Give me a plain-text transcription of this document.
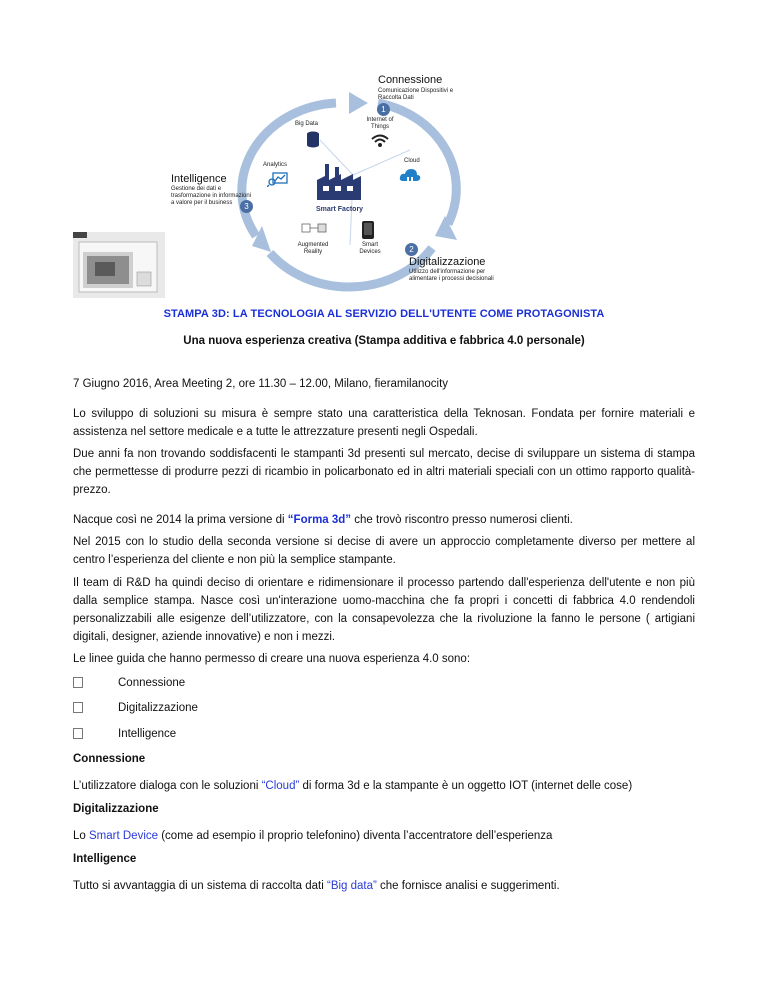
Connessione
Comunicazione Dispositivi e Raccolta Dati
1
2
Digitalizzazione
Utilizzo dell'informazione per alimentare i processi decisionali
Intelligence
Gestione dei dati e trasformazione in informazioni a valore per il business	3
Big Data
Internet of Things
Cloud
Analytics
Smart Factory
Augmented Reality
Smart Devices
STAMPA 3D: LA TECNOLOGIA AL SERVIZIO DELL'UTENTE COME PROTAGONISTA
Una nuova esperienza creativa (Stampa additiva e fabbrica 4.0 personale)
7 Giugno 2016, Area Meeting 2, ore 11.30 – 12.00, Milano, fieramilanocity
Lo sviluppo di soluzioni su misura è sempre stato una caratteristica della Teknosan. Fondata per fornire materiali e assistenza nel settore medicale e a tutte le attrezzature presenti negli Ospedali.
Due anni fa non trovando soddisfacenti le stampanti 3d presenti sul mercato, decise di sviluppare un sistema di stampa che permettesse di produrre pezzi di ricambio in policarbonato ed in altri materiali speciali con un ottimo rapporto qualità-prezzo.
Nacque così ne 2014 la prima versione di “Forma 3d” che trovò riscontro presso numerosi clienti.
Nel 2015 con lo studio della seconda versione si decise di avere un approccio completamente diverso per mettere al centro l’esperienza del cliente e non più la semplice stampante.
Il team di R&D ha quindi deciso di orientare e ridimensionare il processo partendo dall'esperienza dell'utente e non più dalla semplice stampa. Nasce così un'interazione uomo-macchina che fa propri i concetti di fabbrica 4.0 rendendoli personalizzabili alle esigenze dell’utilizzatore, con la consapevolezza che la rivoluzione la fanno le persone ( artigiani digitali, designer, aziende innovative) e non i mezzi.
Le linee guida che hanno permesso di creare una nuova esperienza 4.0 sono:
Connessione
Digitalizzazione
Intelligence
Connessione
L’utilizzatore dialoga con le soluzioni “Cloud” di forma 3d e la stampante è un oggetto IOT (internet delle cose)
Digitalizzazione
Lo Smart Device (come ad esempio il proprio telefonino) diventa l’accentratore dell’esperienza
Intelligence
Tutto si avvantaggia di un sistema di raccolta dati “Big data” che fornisce analisi e suggerimenti.
